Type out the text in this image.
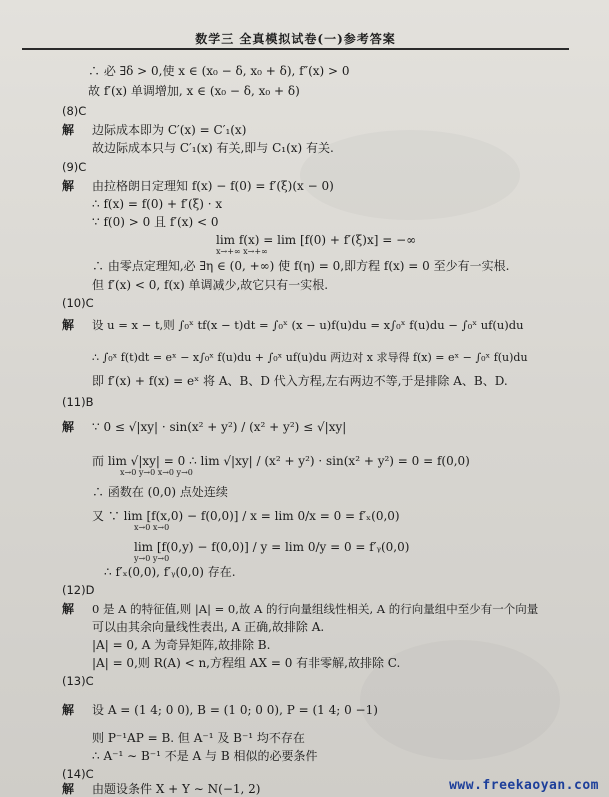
数学三 全真模拟试卷(一)参考答案
∴ 必 ∃δ > 0,使 x ∈ (x₀ − δ, x₀ + δ), f″(x) > 0
故 f′(x) 单调增加, x ∈ (x₀ − δ, x₀ + δ)
(8)C
解 边际成本即为 C′(x) = C′₁(x)
故边际成本只与 C′₁(x) 有关,即与 C₁(x) 有关.
(9)C
解 由拉格朗日定理知 f(x) − f(0) = f′(ξ)(x − 0)
∴ f(x) = f(0) + f′(ξ) · x
∵ f(0) > 0 且 f′(x) < 0
lim f(x) = lim [f(0) + f′(ξ)x] = −∞
x→+∞ x→+∞
∴ 由零点定理知,必 ∃η ∈ (0, +∞) 使 f(η) = 0,即方程 f(x) = 0 至少有一实根.
但 f′(x) < 0, f(x) 单调减少,故它只有一实根.
(10)C
解 设 u = x − t,则 ∫₀ˣ tf(x − t)dt = ∫₀ˣ (x − u)f(u)du = x∫₀ˣ f(u)du − ∫₀ˣ uf(u)du
∴ ∫₀ˣ f(t)dt = eˣ − x∫₀ˣ f(u)du + ∫₀ˣ uf(u)du 两边对 x 求导得 f(x) = eˣ − ∫₀ˣ f(u)du
即 f′(x) + f(x) = eˣ 将 A、B、D 代入方程,左右两边不等,于是排除 A、B、D.
(11)B
解 ∵ 0 ≤ √|xy| · sin(x² + y²) / (x² + y²) ≤ √|xy|
而 lim √|xy| = 0 ∴ lim √|xy| / (x² + y²) · sin(x² + y²) = 0 = f(0,0)
x→0 y→0 x→0 y→0
∴ 函数在 (0,0) 点处连续
又 ∵ lim [f(x,0) − f(0,0)] / x = lim 0/x = 0 = f′ₓ(0,0)
x→0 x→0
lim [f(0,y) − f(0,0)] / y = lim 0/y = 0 = f′ᵧ(0,0)
y→0 y→0
∴ f′ₓ(0,0), f′ᵧ(0,0) 存在.
(12)D
解 0 是 A 的特征值,则 |A| = 0,故 A 的行向量组线性相关, A 的行向量组中至少有一个向量
可以由其余向量线性表出, A 正确,故排除 A.
|A| = 0, A 为奇异矩阵,故排除 B.
|A| = 0,则 R(A) < n,方程组 AX = 0 有非零解,故排除 C.
(13)C
解 设 A = (1 4; 0 0), B = (1 0; 0 0), P = (1 4; 0 −1)
则 P⁻¹AP = B. 但 A⁻¹ 及 B⁻¹ 均不存在
∴ A⁻¹ ∼ B⁻¹ 不是 A 与 B 相似的必要条件
(14)C
解 由题设条件 X + Y ∼ N(−1, 2)	www.freekaoyan.com
